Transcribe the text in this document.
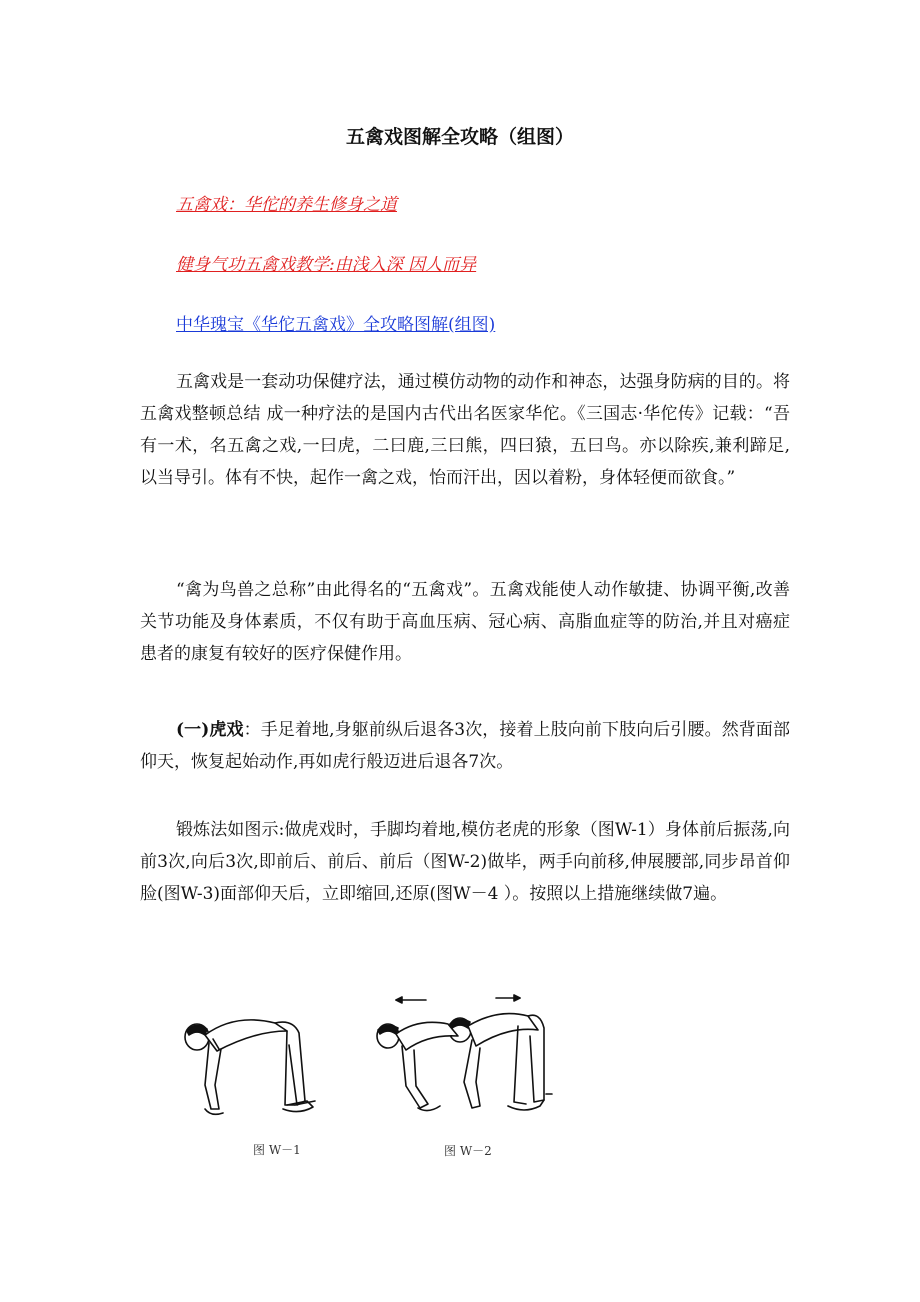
五禽戏图解全攻略（组图）
五禽戏：华佗的养生修身之道
健身气功五禽戏教学:由浅入深 因人而异
中华瑰宝《华佗五禽戏》全攻略图解(组图)

五禽戏是一套动功保健疗法，通过模仿动物的动作和神态，达强身防病的目的。将五禽戏整顿总结 成一种疗法的是国内古代出名医家华佗。《三国志·华佗传》记载：“吾有一术，名五禽之戏,一曰虎，二曰鹿,三曰熊，四曰猿，五曰鸟。亦以除疾,兼利蹄足, 以当导引。体有不快，起作一禽之戏，怡而汗出，因以着粉，身体轻便而欲食。”

“禽为鸟兽之总称”由此得名的“五禽戏”。五禽戏能使人动作敏捷、协调平衡,改善关节功能及身体素质，不仅有助于高血压病、冠心病、高脂血症等的防治,并且对癌症患者的康复有较好的医疗保健作用。

(一)虎戏：手足着地,身躯前纵后退各3次，接着上肢向前下肢向后引腰。然背面部仰天，恢复起始动作,再如虎行般迈进后退各7次。

锻炼法如图示:做虎戏时，手脚均着地,模仿老虎的形象（图W-1）身体前后振荡,向前3次,向后3次,即前后、前后、前后（图W-2)做毕，两手向前移,伸展腰部,同步昂首仰脸(图W-3)面部仰天后，立即缩回,还原(图W－4 ）。按照以上措施继续做7遍。

图 W－1	图 W－2
